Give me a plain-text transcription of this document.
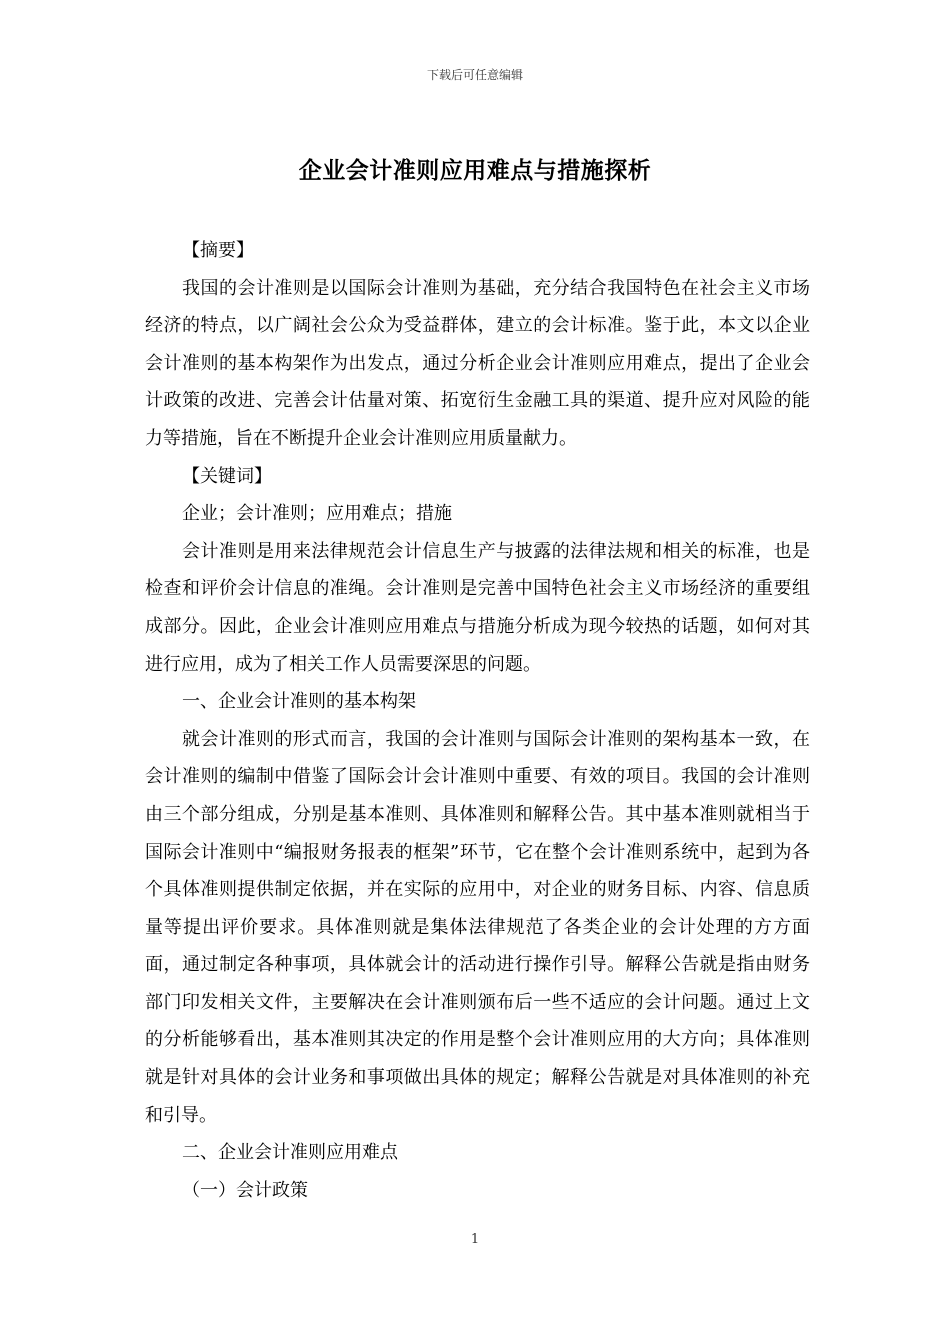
下载后可任意编辑
企业会计准则应用难点与措施探析

【摘要】

我国的会计准则是以国际会计准则为基础，充分结合我国特色在社会主义市场经济的特点，以广阔社会公众为受益群体，建立的会计标准。鉴于此，本文以企业会计准则的基本构架作为出发点，通过分析企业会计准则应用难点，提出了企业会计政策的改进、完善会计估量对策、拓宽衍生金融工具的渠道、提升应对风险的能力等措施，旨在不断提升企业会计准则应用质量献力。

【关键词】

企业；会计准则；应用难点；措施

会计准则是用来法律规范会计信息生产与披露的法律法规和相关的标准，也是检查和评价会计信息的准绳。会计准则是完善中国特色社会主义市场经济的重要组成部分。因此，企业会计准则应用难点与措施分析成为现今较热的话题，如何对其进行应用，成为了相关工作人员需要深思的问题。

一、企业会计准则的基本构架

就会计准则的形式而言，我国的会计准则与国际会计准则的架构基本一致，在会计准则的编制中借鉴了国际会计会计准则中重要、有效的项目。我国的会计准则由三个部分组成，分别是基本准则、具体准则和解释公告。其中基本准则就相当于国际会计准则中“编报财务报表的框架”环节，它在整个会计准则系统中，起到为各个具体准则提供制定依据，并在实际的应用中，对企业的财务目标、内容、信息质量等提出评价要求。具体准则就是集体法律规范了各类企业的会计处理的方方面面，通过制定各种事项，具体就会计的活动进行操作引导。解释公告就是指由财务部门印发相关文件，主要解决在会计准则颁布后一些不适应的会计问题。通过上文的分析能够看出，基本准则其决定的作用是整个会计准则应用的大方向；具体准则就是针对具体的会计业务和事项做出具体的规定；解释公告就是对具体准则的补充和引导。

二、企业会计准则应用难点

（一）会计政策

1
